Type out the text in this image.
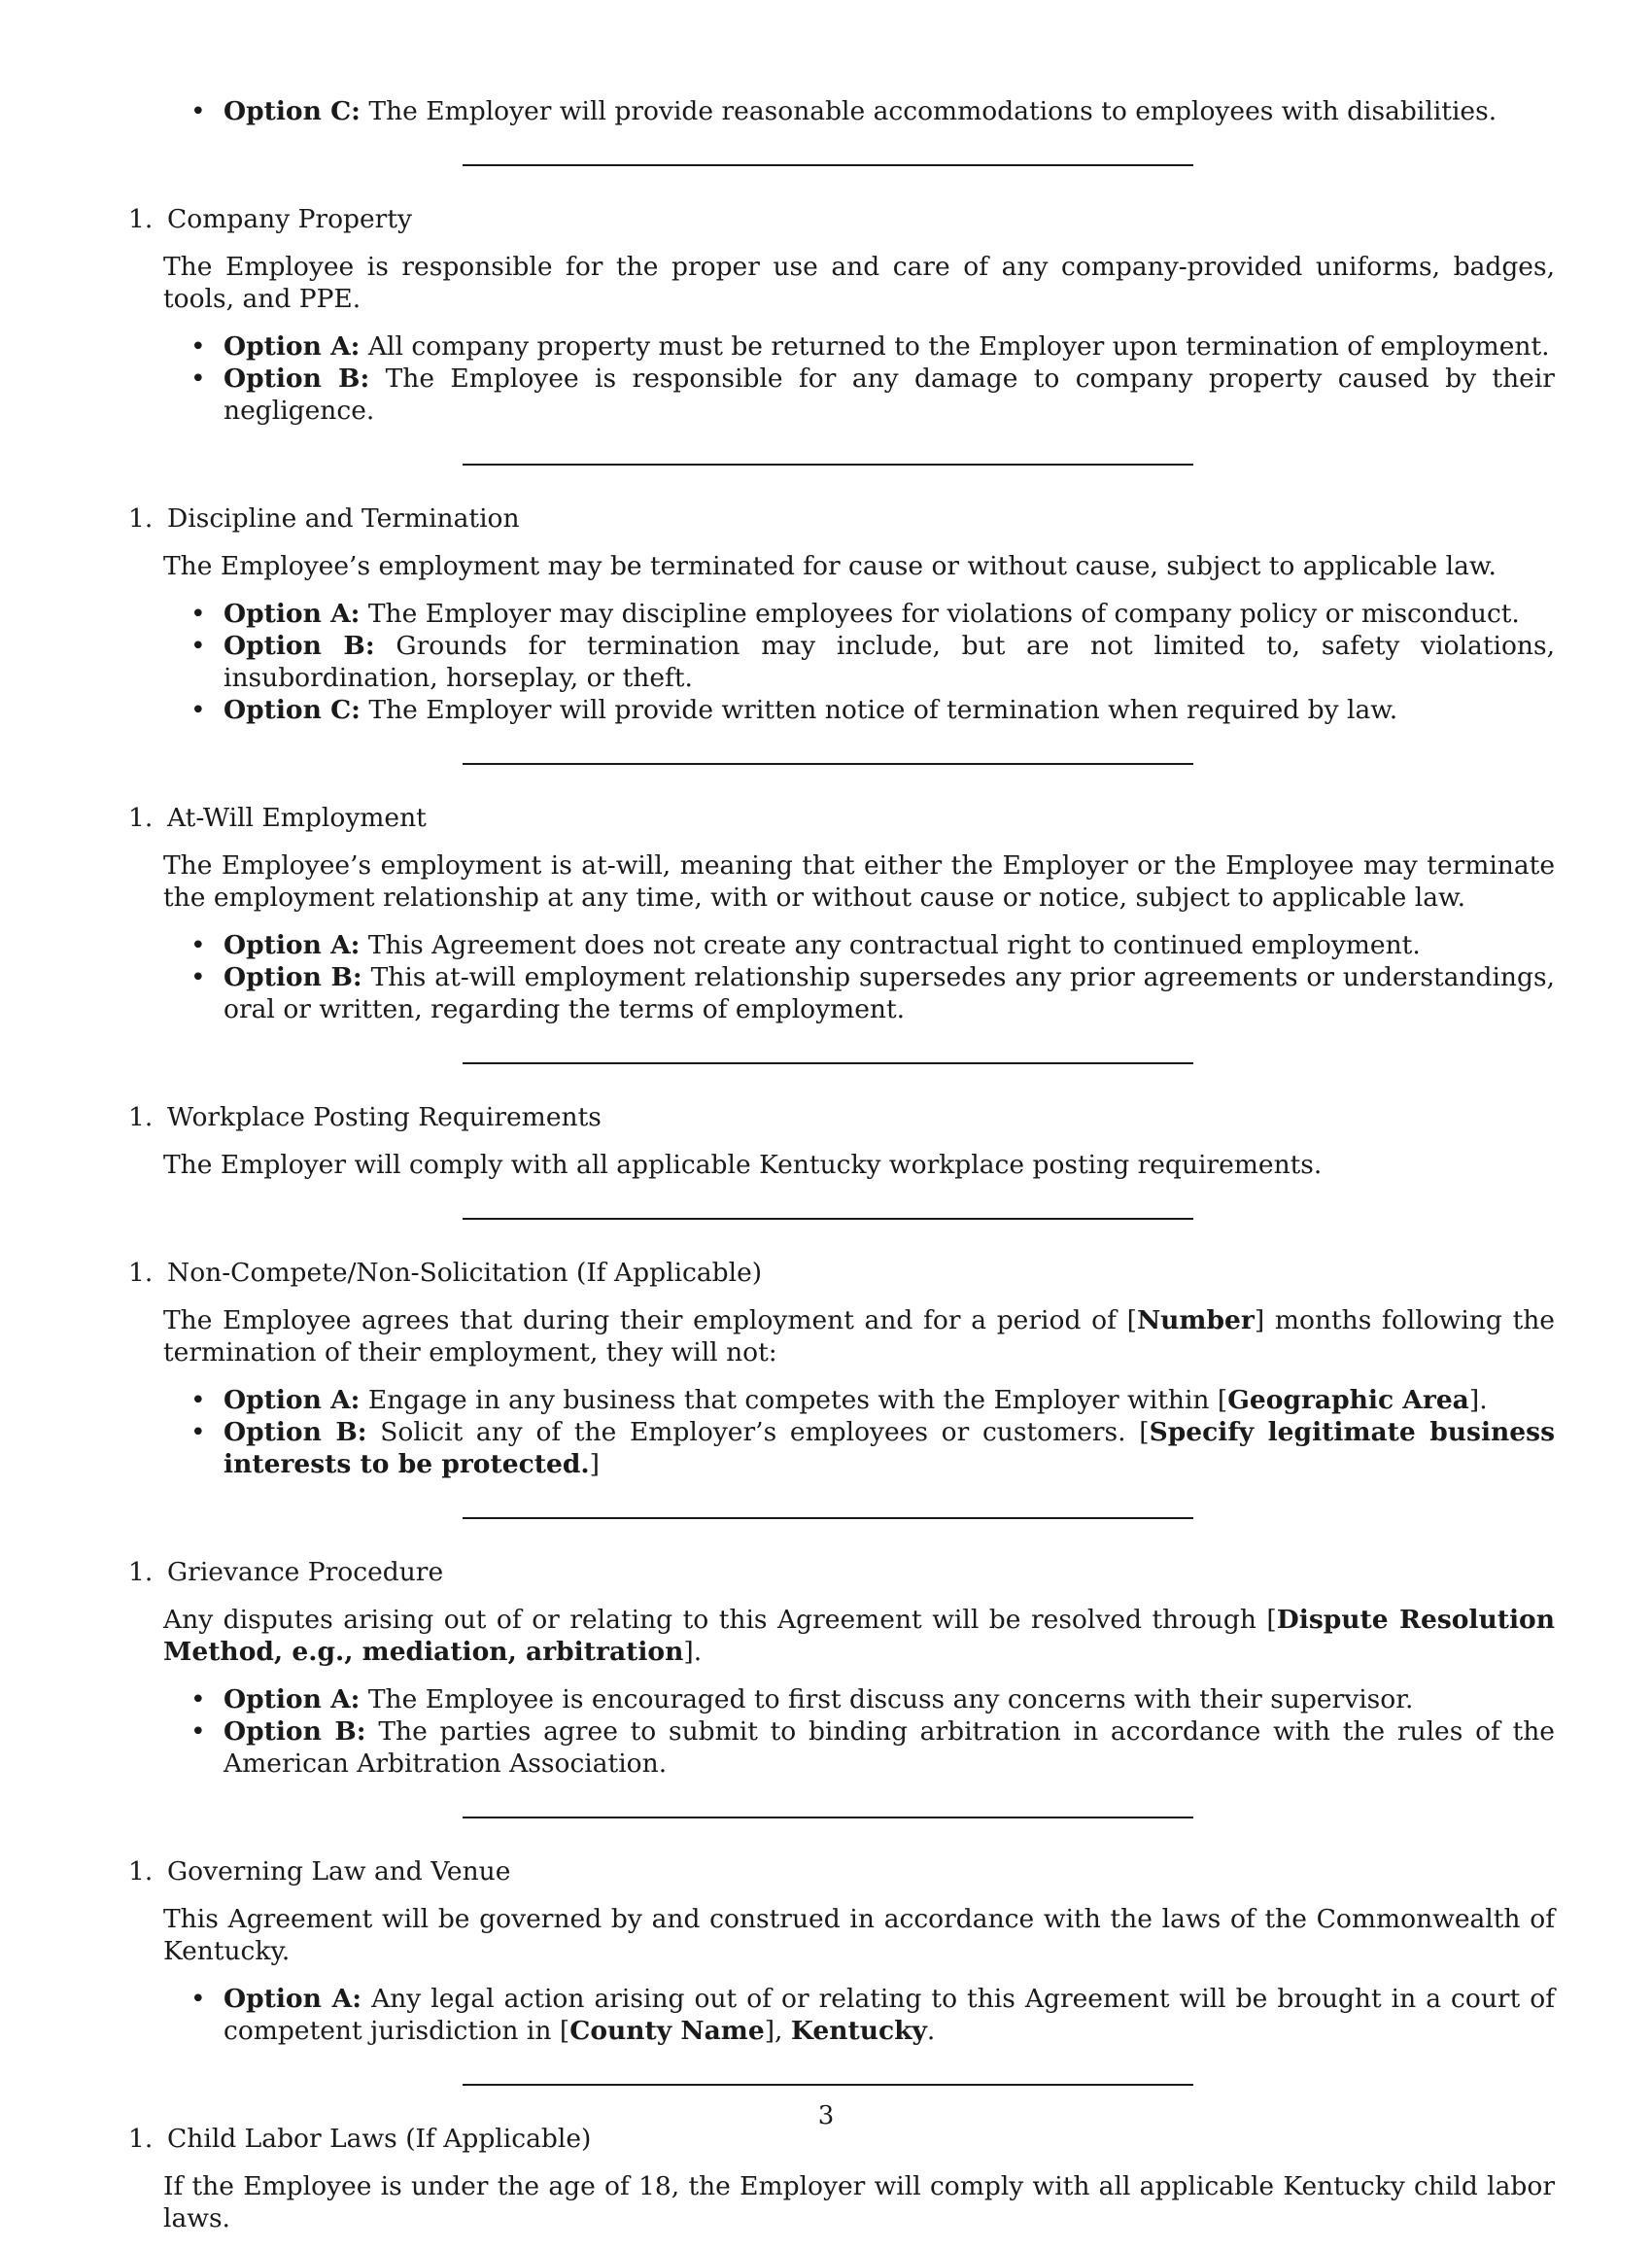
• Option C: The Employer will provide reasonable accommodations to employees with disabilities.
1. Company Property
The Employee is responsible for the proper use and care of any company-provided uniforms, badges, tools, and PPE.
• Option A: All company property must be returned to the Employer upon termination of employment.
• Option B: The Employee is responsible for any damage to company property caused by their negligence.
1. Discipline and Termination
The Employee’s employment may be terminated for cause or without cause, subject to applicable law.
• Option A: The Employer may discipline employees for violations of company policy or misconduct.
• Option B: Grounds for termination may include, but are not limited to, safety violations, insubordination, horseplay, or theft.
• Option C: The Employer will provide written notice of termination when required by law.
1. At-Will Employment
The Employee’s employment is at-will, meaning that either the Employer or the Employee may terminate the employment relationship at any time, with or without cause or notice, subject to applicable law.
• Option A: This Agreement does not create any contractual right to continued employment.
• Option B: This at-will employment relationship supersedes any prior agreements or understandings, oral or written, regarding the terms of employment.
1. Workplace Posting Requirements
The Employer will comply with all applicable Kentucky workplace posting requirements.
1. Non-Compete/Non-Solicitation (If Applicable)
The Employee agrees that during their employment and for a period of [Number] months following the termination of their employment, they will not:
• Option A: Engage in any business that competes with the Employer within [Geographic Area].
• Option B: Solicit any of the Employer’s employees or customers. [Specify legitimate business interests to be protected.]
1. Grievance Procedure
Any disputes arising out of or relating to this Agreement will be resolved through [Dispute Resolution Method, e.g., mediation, arbitration].
• Option A: The Employee is encouraged to first discuss any concerns with their supervisor.
• Option B: The parties agree to submit to binding arbitration in accordance with the rules of the American Arbitration Association.
1. Governing Law and Venue
This Agreement will be governed by and construed in accordance with the laws of the Commonwealth of Kentucky.
• Option A: Any legal action arising out of or relating to this Agreement will be brought in a court of competent jurisdiction in [County Name], Kentucky.
1. Child Labor Laws (If Applicable)
If the Employee is under the age of 18, the Employer will comply with all applicable Kentucky child labor laws.
3
